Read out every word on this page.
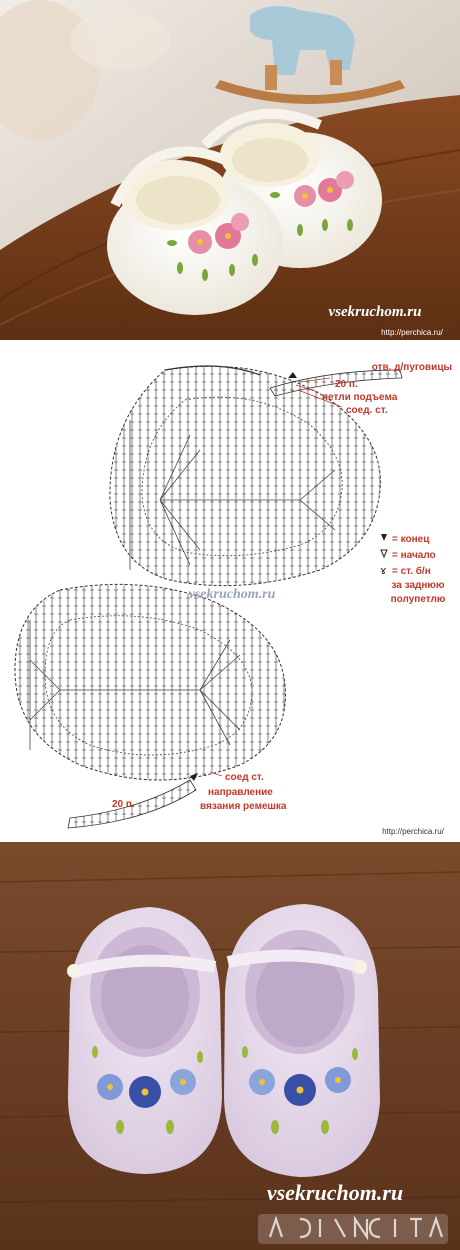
vsekruchom.ru
http://perchica.ru/
отв. д/пуговицы
20 п.
петли подъема
соед. ст.
= конец
= начало
ɤ = ст. б/н
за заднюю
полупетлю
vsekruchom.ru
соед ст.
направление
вязания ремешка
20 п.
http://perchica.ru/
vsekruchom.ru
